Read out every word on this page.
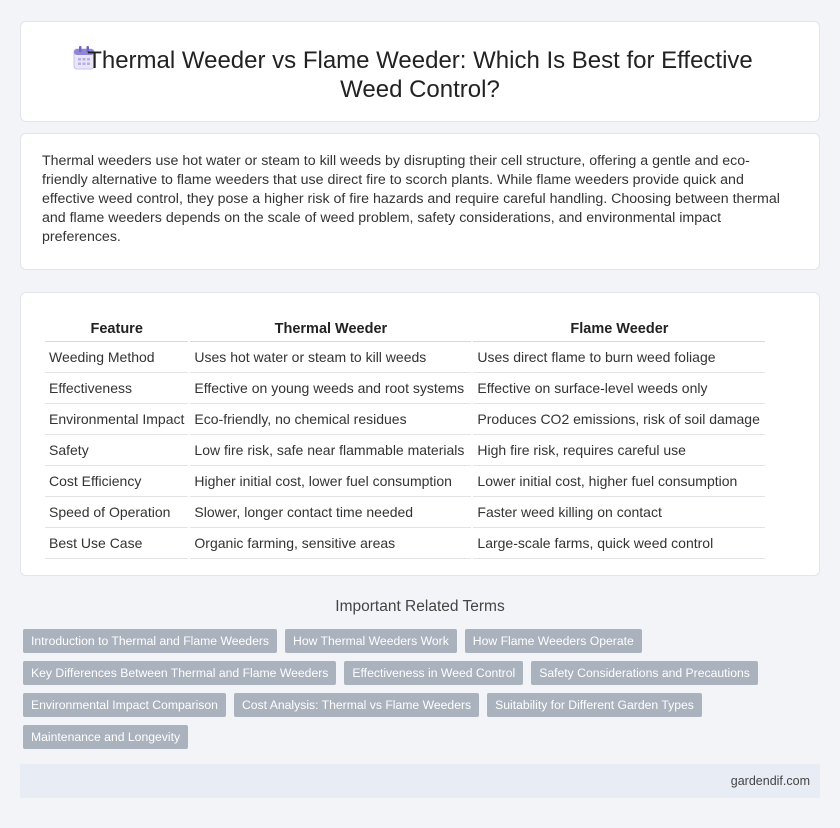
Thermal Weeder vs Flame Weeder: Which Is Best for Effective Weed Control?

Thermal weeders use hot water or steam to kill weeds by disrupting their cell structure, offering a gentle and eco-friendly alternative to flame weeders that use direct fire to scorch plants. While flame weeders provide quick and effective weed control, they pose a higher risk of fire hazards and require careful handling. Choosing between thermal and flame weeders depends on the scale of weed problem, safety considerations, and environmental impact preferences.

Feature	Thermal Weeder	Flame Weeder
Weeding Method	Uses hot water or steam to kill weeds	Uses direct flame to burn weed foliage
Effectiveness	Effective on young weeds and root systems	Effective on surface-level weeds only
Environmental Impact	Eco-friendly, no chemical residues	Produces CO2 emissions, risk of soil damage
Safety	Low fire risk, safe near flammable materials	High fire risk, requires careful use
Cost Efficiency	Higher initial cost, lower fuel consumption	Lower initial cost, higher fuel consumption
Speed of Operation	Slower, longer contact time needed	Faster weed killing on contact
Best Use Case	Organic farming, sensitive areas	Large-scale farms, quick weed control
Important Related Terms
Introduction to Thermal and Flame Weeders	How Thermal Weeders Work	How Flame Weeders Operate
Key Differences Between Thermal and Flame Weeders	Effectiveness in Weed Control	Safety Considerations and Precautions
Environmental Impact Comparison	Cost Analysis: Thermal vs Flame Weeders	Suitability for Different Garden Types
Maintenance and Longevity
gardendif.com
